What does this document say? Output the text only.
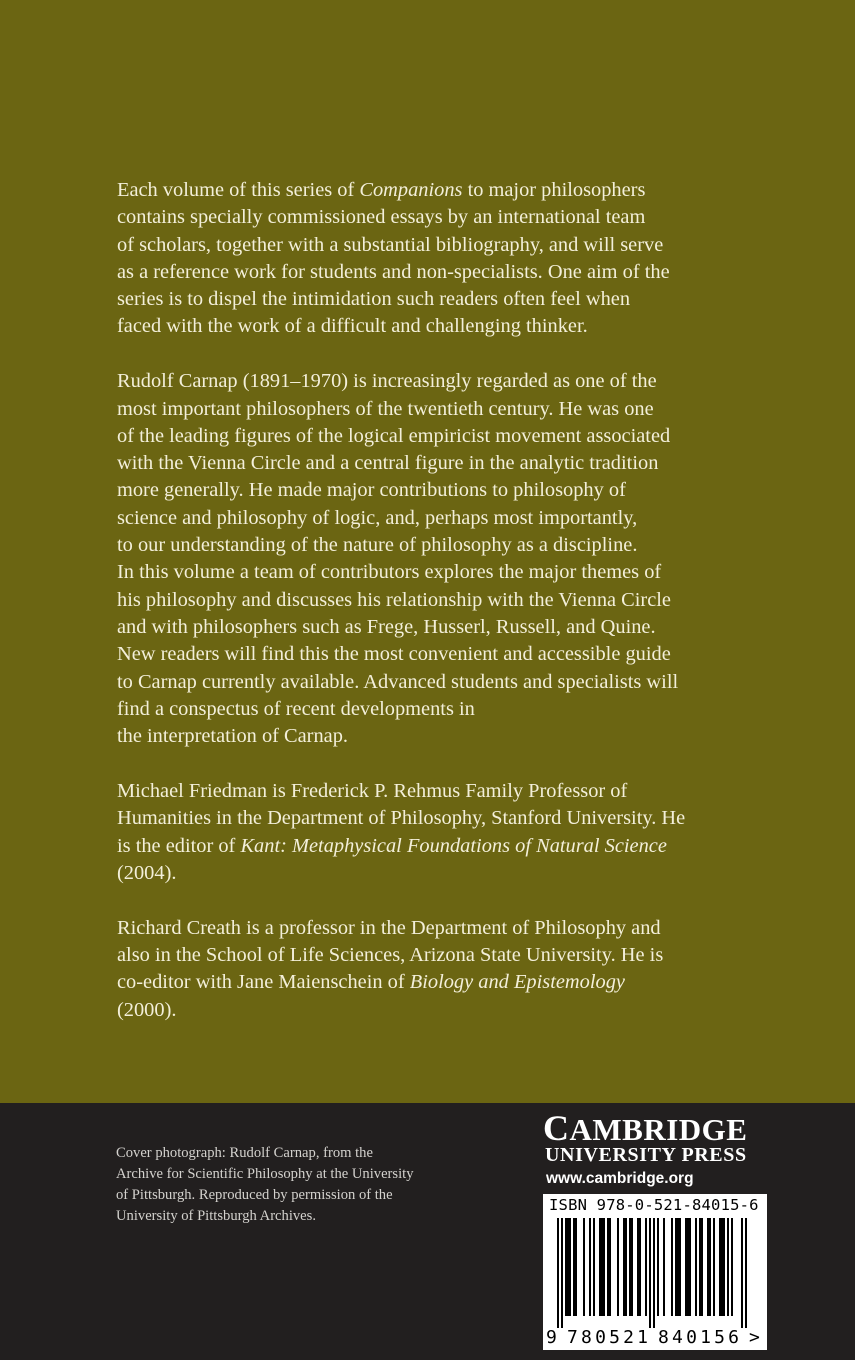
Each volume of this series of Companions to major philosophers
contains specially commissioned essays by an international team
of scholars, together with a substantial bibliography, and will serve
as a reference work for students and non-specialists. One aim of the
series is to dispel the intimidation such readers often feel when
faced with the work of a difficult and challenging thinker.

Rudolf Carnap (1891–1970) is increasingly regarded as one of the
most important philosophers of the twentieth century. He was one
of the leading figures of the logical empiricist movement associated
with the Vienna Circle and a central figure in the analytic tradition
more generally. He made major contributions to philosophy of
science and philosophy of logic, and, perhaps most importantly,
to our understanding of the nature of philosophy as a discipline.
In this volume a team of contributors explores the major themes of
his philosophy and discusses his relationship with the Vienna Circle
and with philosophers such as Frege, Husserl, Russell, and Quine.
New readers will find this the most convenient and accessible guide
to Carnap currently available. Advanced students and specialists will
find a conspectus of recent developments in
the interpretation of Carnap.

Michael Friedman is Frederick P. Rehmus Family Professor of
Humanities in the Department of Philosophy, Stanford University. He
is the editor of Kant: Metaphysical Foundations of Natural Science
(2004).

Richard Creath is a professor in the Department of Philosophy and
also in the School of Life Sciences, Arizona State University. He is
co-editor with Jane Maienschein of Biology and Epistemology
(2000).

Cover photograph: Rudolf Carnap, from the
Archive for Scientific Philosophy at the University
of Pittsburgh. Reproduced by permission of the
University of Pittsburgh Archives.
CAMBRIDGE
UNIVERSITY PRESS
www.cambridge.org
ISBN 978-0-521-84015-6
9 780521 840156 >
